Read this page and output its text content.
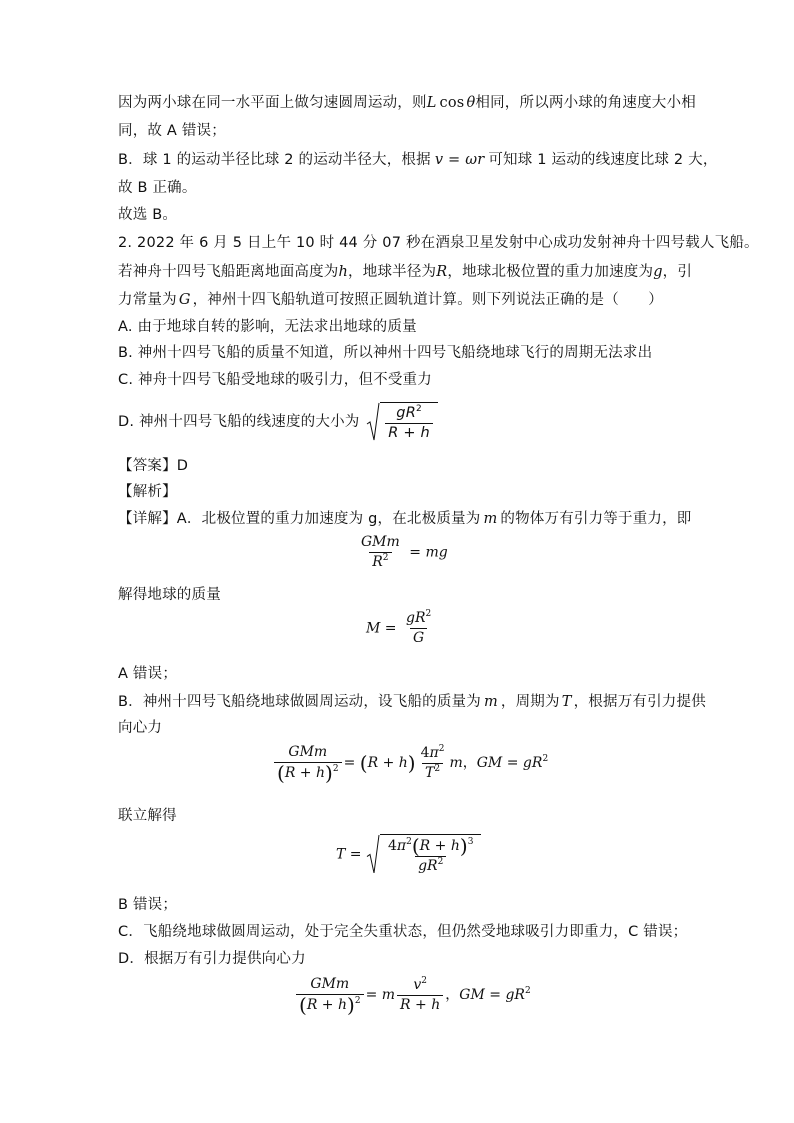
因为两小球在同一水平面上做匀速圆周运动，则L cos θ相同，所以两小球的角速度大小相
同，故 A 错误；
B．球 1 的运动半径比球 2 的运动半径大，根据 v = ωr 可知球 1 运动的线速度比球 2 大，
故 B 正确。
故选 B。
2. 2022 年 6 月 5 日上午 10 时 44 分 07 秒在酒泉卫星发射中心成功发射神舟十四号载人飞船。
若神舟十四号飞船距离地面高度为h，地球半径为R，地球北极位置的重力加速度为g，引
力常量为 G ，神州十四飞船轨道可按照正圆轨道计算。则下列说法正确的是（　　）
A. 由于地球自转的影响，无法求出地球的质量
B. 神州十四号飞船的质量不知道，所以神州十四号飞船绕地球飞行的周期无法求出
C. 神舟十四号飞船受地球的吸引力，但不受重力
D. 神州十四号飞船的线速度的大小为 $\frac{gR^2}{R + h}$
【答案】D
【解析】
【详解】A．北极位置的重力加速度为 g，在北极质量为 m 的物体万有引力等于重力，即
$\frac{\text{GMm}}{R^2}$ = mg
解得地球的质量
$M = \frac{gR^2}{G}$
A 错误；
B．神州十四号飞船绕地球做圆周运动，设飞船的质量为 m ，周期为 T ，根据万有引力提供
向心力
$\frac{\text{GMm}}{(R + h)^2} = (R + h) \frac{4\pi^2}{T^2}$ m，GM = $gR^2$
联立解得
$T = \frac{4\pi^2(R + h)^3}{gR^2}$
B 错误；
C．飞船绕地球做圆周运动，处于完全失重状态，但仍然受地球吸引力即重力，C 错误；
D．根据万有引力提供向心力
$\frac{\text{GMm}}{(R + h)^2} = m \frac{v^2}{R + h}$ ，GM = $gR^2$
